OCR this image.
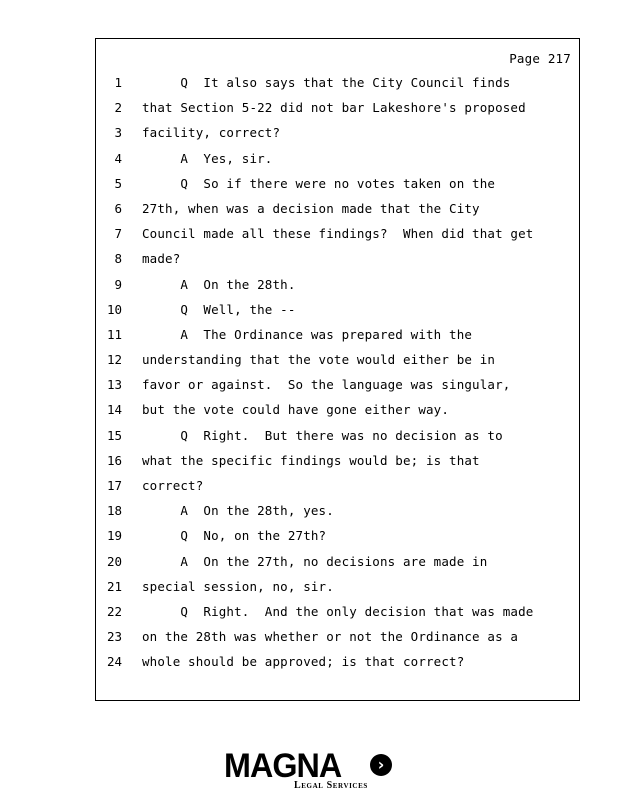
Page 217
1 Q  It also says that the City Council finds
2 that Section 5-22 did not bar Lakeshore's proposed
3 facility, correct?
4 A  Yes, sir.
5 Q  So if there were no votes taken on the
6 27th, when was a decision made that the City
7 Council made all these findings?  When did that get
8 made?
9 A  On the 28th.
10 Q  Well, the --
11 A  The Ordinance was prepared with the
12 understanding that the vote would either be in
13 favor or against.  So the language was singular,
14 but the vote could have gone either way.
15 Q  Right.  But there was no decision as to
16 what the specific findings would be; is that
17 correct?
18 A  On the 28th, yes.
19 Q  No, on the 27th?
20 A  On the 27th, no decisions are made in
21 special session, no, sir.
22 Q  Right.  And the only decision that was made
23 on the 28th was whether or not the Ordinance as a
24 whole should be approved; is that correct?
MAGNA	›
Legal Services
